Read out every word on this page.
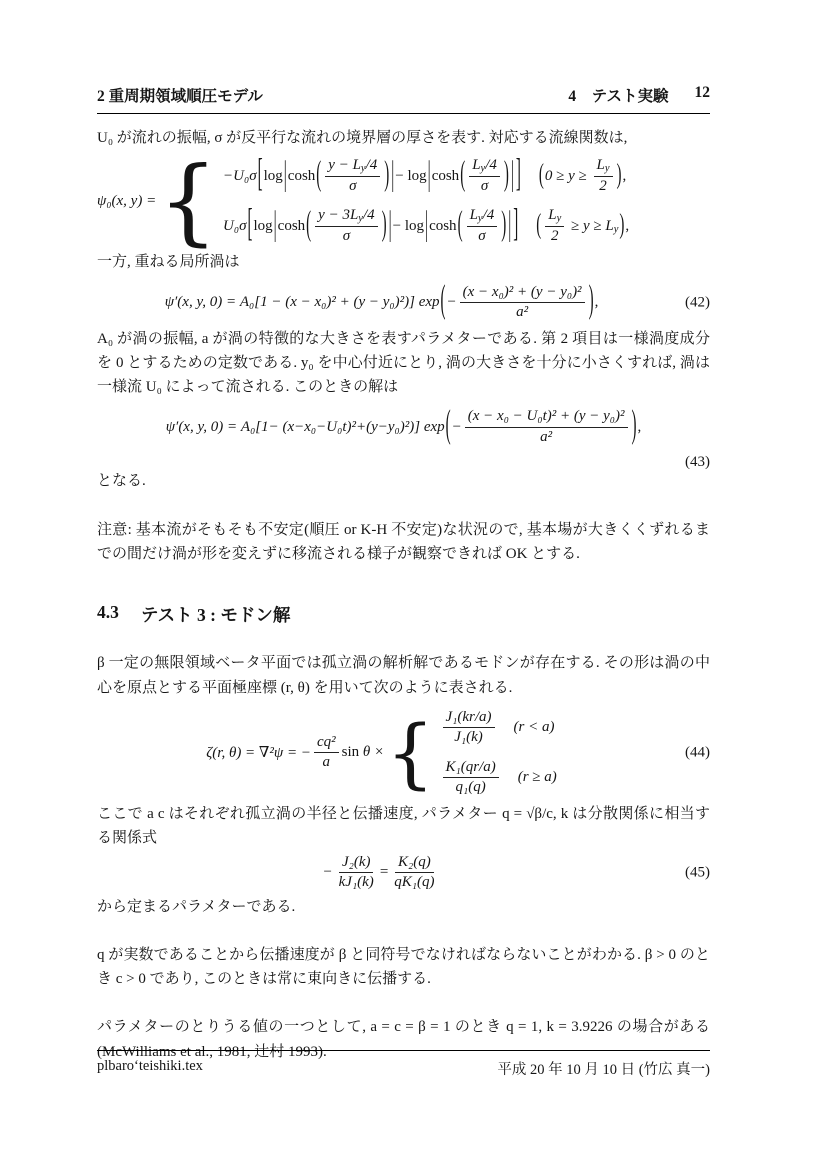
2 重周期領域順圧モデル	4　テスト実験 12

U₀ が流れの振幅, σ が反平行な流れの境界層の厚さを表す. 対応する流線関数は,

ψ₀(x, y) = { −U₀σ [ log | cosh ( $\frac{\text{y − L y /4}}{\sigma}$ ) | − log | cosh ( $\frac{\text{L y /4}}{\sigma}$ ) | ] ( $0 \ge y \ge \frac{\text{L y}}{2}$ ) ,
U₀σ [ log | cosh ( $\frac{\text{y − 3 L y /4}}{\sigma}$ ) | − log | cosh ( $\frac{\text{L y /4}}{\sigma}$ ) | ] ( $\frac{\text{L y}}{2} \ge y \ge L_y$ ) ,

一方, 重ねる局所渦は

ψ′(x, y, 0) = A₀[1 − (x − x₀)² + (y − y₀)²)] exp ( − $\frac{\text{(x − x₀)² + (y − y₀)²}}{\text{a²}}$ ) ,	(42)

A₀ が渦の振幅, a が渦の特徴的な大きさを表すパラメターである. 第 2 項目は一様渦度成分を 0 とするための定数である. y₀ を中心付近にとり, 渦の大きさを十分に小さくすれば, 渦は一様流 U₀ によって流される. このときの解は

ψ′(x, y, 0) = A₀[1− (x−x₀−U₀t)²+(y−y₀)²)] exp ( − $\frac{\text{(x − x₀ − U₀t)² + (y − y₀)²}}{\text{a²}}$ ) ,
(43)

となる.

注意: 基本流がそもそも不安定(順圧 or K-H 不安定)な状況ので, 基本場が大きくくずれるまでの間だけ渦が形を変えずに移流される様子が観察できれば OK とする.

4.3 テスト 3 : モドン解

β 一定の無限領域ベータ平面では孤立渦の解析解であるモドンが存在する. その形は渦の中心を原点とする平面極座標 (r, θ) を用いて次のように表される.

ζ(r, θ) = ∇²ψ = − $\frac{\text{cq²}}{a}$ sin θ × { $\frac{\text{J₁(kr/a)}}{\text{J₁(k)}} (r < a)$
$\frac{\text{K₁(qr/a)}}{\text{q₁(q)}} (r \ge a)$
(44)

ここで a c はそれぞれ孤立渦の半径と伝播速度, パラメター q = √β/c, k は分散関係に相当する関係式

− $\frac{\text{J₂(k)}}{\text{kJ₁(k)}} = \frac{\text{K₂(q)}}{\text{qK₁(q)}}$	(45)

から定まるパラメターである.

q が実数であることから伝播速度が β と同符号でなければならないことがわかる. β > 0 のとき c > 0 であり, このときは常に東向きに伝播する.

パラメターのとりうる値の一つとして, a = c = β = 1 のとき q = 1, k = 3.9226 の場合がある (McWilliams et al., 1981, 辻村 1993).

plbaro‘teishiki.tex	平成 20 年 10 月 10 日 (竹広 真一)
